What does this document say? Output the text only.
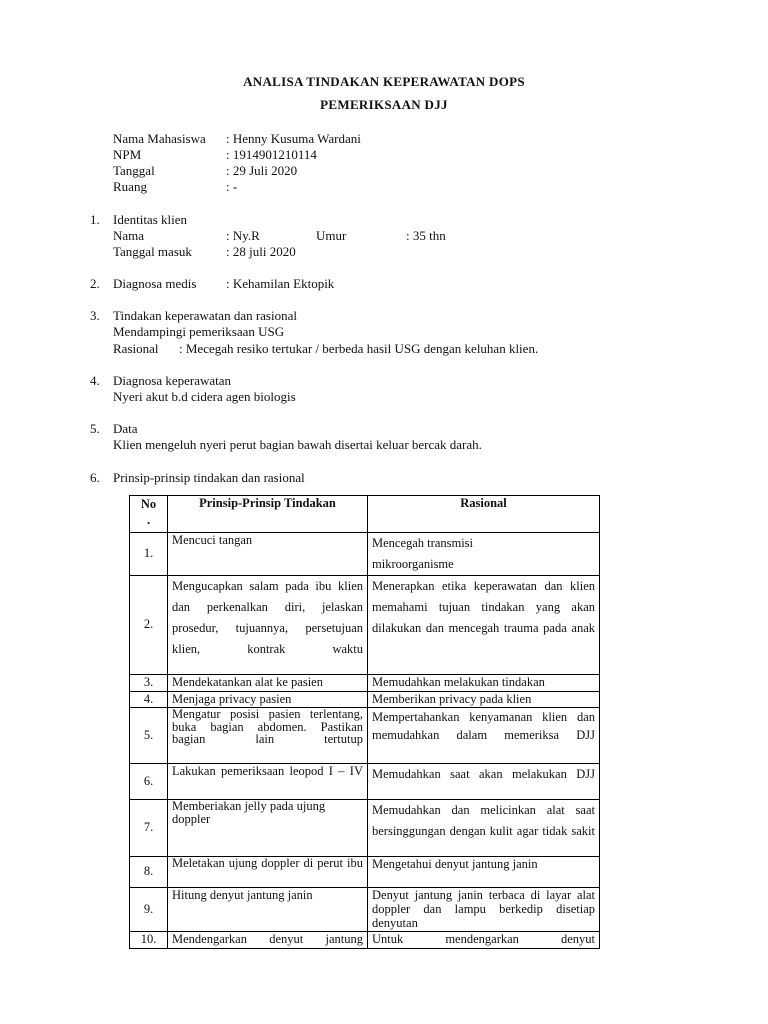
ANALISA TINDAKAN KEPERAWATAN DOPS
PEMERIKSAAN DJJ
Nama Mahasiswa : Henny Kusuma Wardani
NPM	: 1914901210114
Tanggal	: 29 Juli 2020
Ruang	: -
1. Identitas klien
Nama	: Ny.R	Umur	: 35 thn
Tanggal masuk	: 28 juli 2020
2. Diagnosa medis : Kehamilan Ektopik
3. Tindakan keperawatan dan rasional
Mendampingi pemeriksaan USG
Rasional : Mecegah resiko tertukar / berbeda hasil USG dengan keluhan klien.
4. Diagnosa keperawatan
Nyeri akut b.d cidera agen biologis
5. Data
Klien mengeluh nyeri perut bagian bawah disertai keluar bercak darah.
6. Prinsip-prinsip tindakan dan rasional
No
.	Prinsip-Prinsip Tindakan	Rasional
1.	Mencuci tangan	Mencegah transmisi
mikroorganisme
2.	Mengucapkan salam pada ibu klien dan perkenalkan diri, jelaskan prosedur, tujuannya, persetujuan klien, kontrak waktu	Menerapkan etika keperawatan dan klien memahami tujuan tindakan yang akan dilakukan dan mencegah trauma pada anak
3.	Mendekatankan alat ke pasien	Memudahkan melakukan tindakan
4.	Menjaga privacy pasien	Memberikan privacy pada klien
5.	Mengatur posisi pasien terlentang, buka bagian abdomen. Pastikan bagian lain tertutup	Mempertahankan kenyamanan klien dan memudahkan dalam memeriksa DJJ
6.	Lakukan pemeriksaan leopod I – IV	Memudahkan saat akan melakukan DJJ
7.	Memberiakan jelly pada ujung doppler	Memudahkan dan melicinkan alat saat bersinggungan dengan kulit agar tidak sakit
8.	Meletakan ujung doppler di perut ibu	Mengetahui denyut jantung janin
9.	Hitung denyut jantung janin	Denyut jantung janin terbaca di layar alat doppler dan lampu berkedip disetiap denyutan
10.	Mendengarkan denyut jantung	Untuk mendengarkan denyut
